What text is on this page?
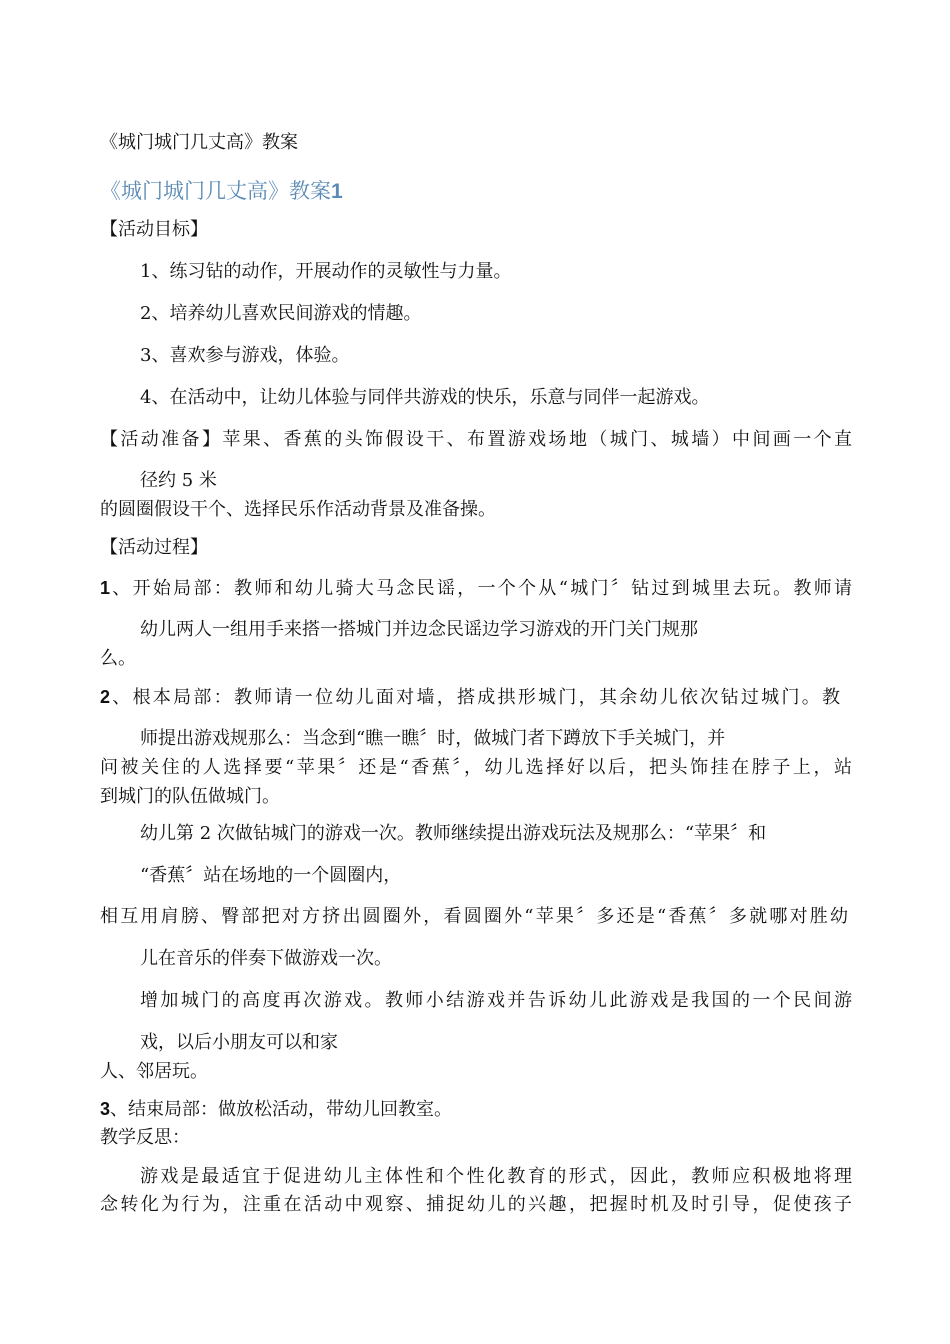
《城门城门几丈高》教案
《城门城门几丈高》教案1
【活动目标】
1、练习钻的动作，开展动作的灵敏性与力量。
2、培养幼儿喜欢民间游戏的情趣。
3、喜欢参与游戏，体验。
4、在活动中，让幼儿体验与同伴共游戏的快乐，乐意与同伴一起游戏。
【活动准备】苹果、香蕉的头饰假设干、布置游戏场地（城门、城墙）中间画一个直
径约 5 米
的圆圈假设干个、选择民乐作活动背景及准备操。
【活动过程】
1、开始局部：教师和幼儿骑大马念民谣，一个个从“城门〞钻过到城里去玩。教师请
幼儿两人一组用手来搭一搭城门并边念民谣边学习游戏的开门关门规那
么。
2、根本局部：教师请一位幼儿面对墙，搭成拱形城门，其余幼儿依次钻过城门。教
师提出游戏规那么：当念到“瞧一瞧〞时，做城门者下蹲放下手关城门，并
问被关住的人选择要“苹果〞还是“香蕉〞，幼儿选择好以后，把头饰挂在脖子上，站
到城门的队伍做城门。
幼儿第 2 次做钻城门的游戏一次。教师继续提出游戏玩法及规那么：“苹果〞和
“香蕉〞站在场地的一个圆圈内，
相互用肩膀、臀部把对方挤出圆圈外，看圆圈外“苹果〞多还是“香蕉〞多就哪对胜幼
儿在音乐的伴奏下做游戏一次。
增加城门的高度再次游戏。教师小结游戏并告诉幼儿此游戏是我国的一个民间游
戏，以后小朋友可以和家
人、邻居玩。
3、结束局部：做放松活动，带幼儿回教室。
教学反思：
游戏是最适宜于促进幼儿主体性和个性化教育的形式，因此，教师应积极地将理
念转化为行为，注重在活动中观察、捕捉幼儿的兴趣，把握时机及时引导，促使孩子
